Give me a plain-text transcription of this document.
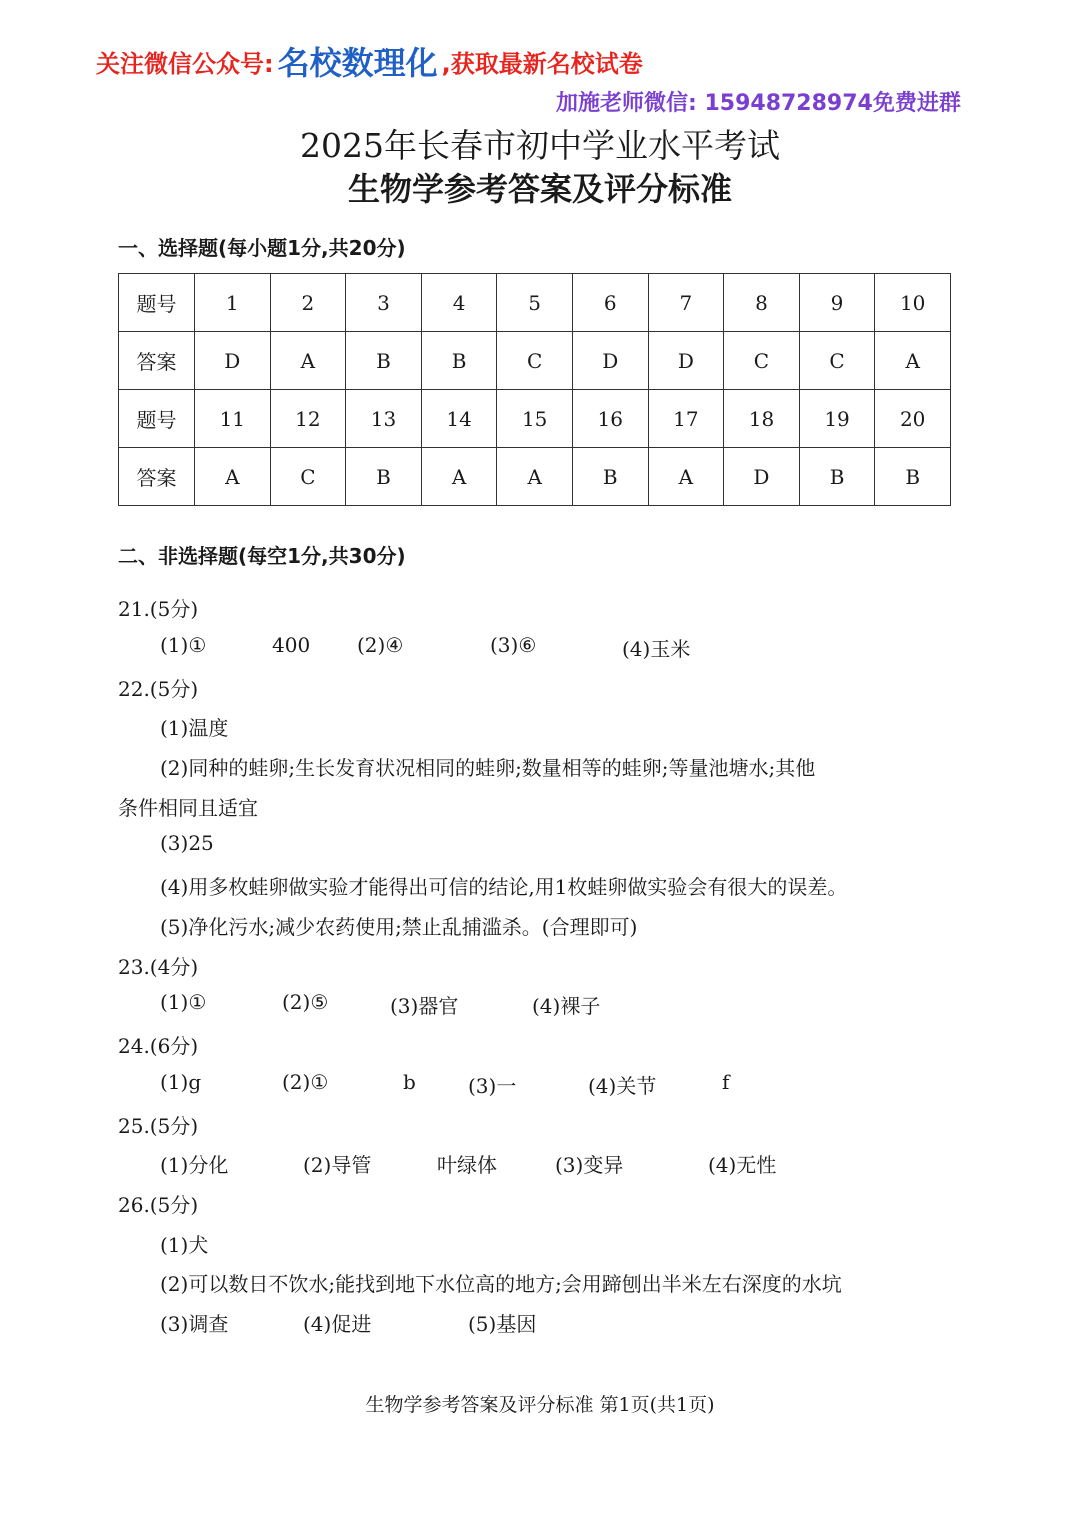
关注微信公众号: 名校数理化 ,获取最新名校试卷
加施老师微信: 15948728974免费进群
2025年长春市初中学业水平考试
生物学参考答案及评分标准
一、选择题(每小题1分,共20分)
题号	1	2	3	4	5	6	7	8	9	10
答案	D	A	B	B	C	D	D	C	C	A
题号	11	12	13	14	15	16	17	18	19	20
答案	A	C	B	A	A	B	A	D	B	B
二、非选择题(每空1分,共30分)
21.(5分)
(1)①	400 (2)④	(3)⑥	(4)玉米
22.(5分)
(1)温度
(2)同种的蛙卵;生长发育状况相同的蛙卵;数量相等的蛙卵;等量池塘水;其他
条件相同且适宜
(3)25
(4)用多枚蛙卵做实验才能得出可信的结论,用1枚蛙卵做实验会有很大的误差。
(5)净化污水;减少农药使用;禁止乱捕滥杀。(合理即可)
23.(4分)
(1)①	(2)⑤	(3)器官	(4)裸子
24.(6分)
(1)g	(2)①	b	(3)一	(4)关节	f
25.(5分)
(1)分化	(2)导管	叶绿体	(3)变异	(4)无性
26.(5分)
(1)犬
(2)可以数日不饮水;能找到地下水位高的地方;会用蹄刨出半米左右深度的水坑
(3)调查	(4)促进	(5)基因
生物学参考答案及评分标准 第1页(共1页)
